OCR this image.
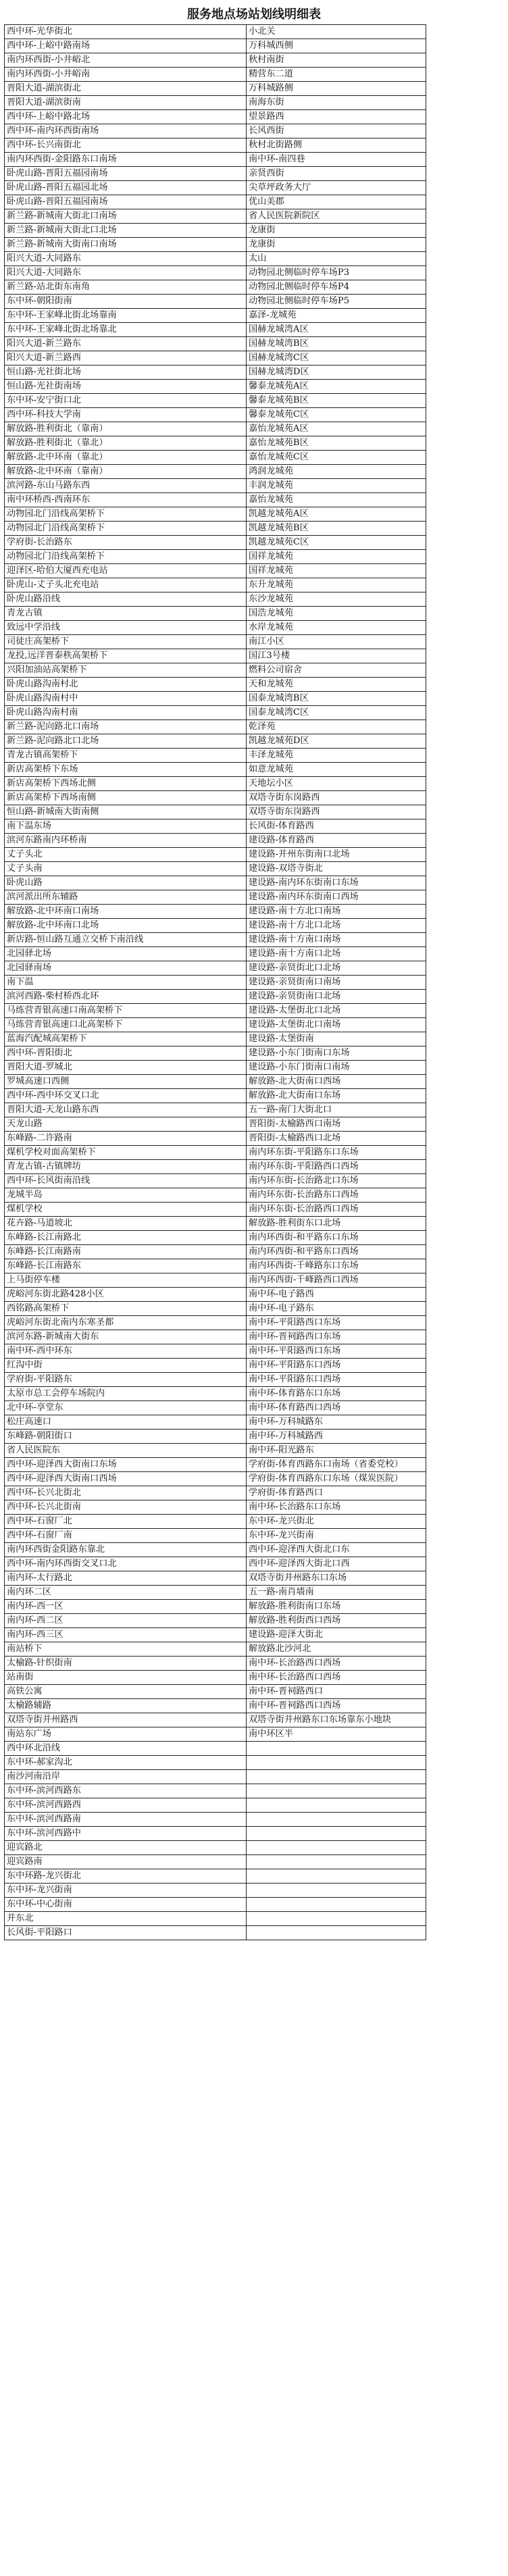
服务地点场站划线明细表
西中环-光华街北	小北关
西中环-上峪中路南场	万科城西侧
南内环西街-小井峪北	秋村南街
南内环西街-小井峪南	精营东二道
晋阳大道-湖滨街北	万科城路侧
晋阳大道-湖滨街南	南海东街
西中环-上峪中路北场	望景路西
西中环-南内环西街南场	长风西街
西中环-长兴南街北	秋村北街路侧
南内环西街-金阳路东口南场	南中环-南四巷
卧虎山路-晋阳五福园南场	亲贤西街
卧虎山路-晋阳五福园北场	尖草坪政务大厅
卧虎山路-晋阳五福园南场	优山美郡
新兰路-新城南大街北口南场	省人民医院新院区
新兰路-新城南大街北口北场	龙康街
新兰路-新城南大街南口南场	龙康街
阳兴大道-大同路东	太山
阳兴大道-大同路东	动物园北侧临时停车场P3
新兰路-站北街东南角	动物园北侧临时停车场P4
东中环-朝阳街南	动物园北侧临时停车场P5
东中环-王家峰北街北场靠南	嘉泽-龙城苑
东中环-王家峰北街北场靠北	国赫龙城湾A区
阳兴大道-新兰路东	国赫龙城湾B区
阳兴大道-新兰路西	国赫龙城湾C区
恒山路-光社街北场	国赫龙城湾D区
恒山路-光社街南场	馨泰龙城苑A区
东中环-安宁街口北	馨泰龙城苑B区
西中环-科技大学南	馨泰龙城苑C区
解放路-胜利街北（靠南）	嘉怡龙城苑A区
解放路-胜利街北（靠北）	嘉怡龙城苑B区
解放路-北中环南（靠北）	嘉怡龙城苑C区
解放路-北中环南（靠南）	鸿润龙城苑
滨河路-东山马路东西	丰润龙城苑
南中环桥西-西南环东	嘉怡龙城苑
动物园北门沿线高架桥下	凯越龙城苑A区
动物园北门沿线高架桥下	凯越龙城苑B区
学府街-长治路东	凯越龙城苑C区
动物园北门沿线高架桥下	国祥龙城苑
迎泽区-哈伯大厦西充电站	国祥龙城苑
卧虎山-丈子头北充电站	东升龙城苑
卧虎山路沿线	东沙龙城苑
青龙古镇	国浩龙城苑
致远中学沿线	水岸龙城苑
司徒庄高架桥下	南江小区
龙投,远洋晋泰秩高架桥下	国江3号楼
兴阳加油站高架桥下	燃料公司宿舍
卧虎山路沟南村北	天和龙城苑
卧虎山路沟南村中	国泰龙城湾B区
卧虎山路沟南村南	国泰龙城湾C区
新兰路-泥向路北口南场	乾泽苑
新兰路-泥向路北口北场	凯越龙城苑D区
青龙古镇高架桥下	丰泽龙城苑
新店高架桥下东场	如意龙城苑
新店高架桥下西场北侧	天地坛小区
新店高架桥下西场南侧	双塔寺街东岗路西
恒山路-新城南大街南侧	双塔寺街东岗路西
南下温东场	长风街-体育路西
滨河东路南内环桥南	建设路-体育路西
丈子头北	建设路-并州东街南口北场
丈子头南	建设路-双塔寺街北
卧虎山路	建设路-南内环东街南口东场
滨河派出所东辅路	建设路-南内环东街南口西场
解放路-北中环南口南场	建设路-南十方北口南场
解放路-北中环南口北场	建设路-南十方北口北场
新店路-恒山路互通立交桥下南沿线	建设路-南十方南口南场
北园驿北场	建设路-南十方南口北场
北园驿南场	建设路-亲贤街北口北场
南下温	建设路-亲贤街南口南场
滨河西路-柴村桥西北环	建设路-亲贤街南口北场
马练营青银高速口南高架桥下	建设路-太堡街北口北场
马练营青银高速口北高架桥下	建设路-太堡街北口南场
蓝海汽配城高架桥下	建设路-太堡街南
西中环-晋阳街北	建设路-小东门街南口东场
晋阳大道-罗城北	建设路-小东门街南口南场
罗城高速口西侧	解放路-北大街南口西场
西中环-西中环交叉口北	解放路-北大街南口东场
晋阳大道-天龙山路东西	五一路-南门大街北口
天龙山路	晋阳街-太榆路西口南场
东峰路-二许路南	晋阳街-太榆路西口北场
煤机学校对面高架桥下	南内环东街-平阳路东口东场
青龙古镇-古镇牌坊	南内环东街-平阳路西口西场
西中环-长风街南沿线	南内环东街-长治路北口东场
龙城半岛	南内环东街-长治路东口西场
煤机学校	南内环东街-长治路西口西场
花卉路-马道坡北	解放路-胜利街东口北场
东峰路-长江南路北	南内环西街-和平路东口东场
东峰路-长江南路南	南内环西街-和平路东口西场
东峰路-长江南路东	南内环西街-千峰路东口东场
上马街停车楼	南内环西街-千峰路西口西场
虎峪河东街北路428小区	南中环-电子路西
西铭路高架桥下	南中环-电子路东
虎峪河东街北南内东寒圣都	南中环-平阳路西口东场
滨河东路-新城南大街东	南中环-晋祠路西口东场
南中环-西中环东	南中环-平阳路西口东场
红沟中街	南中环-平阳路东口西场
学府街-平阳路东	南中环-平阳路东口西场
太原市总工会停车场院内	南中环-体育路东口东场
北中环-享堂东	南中环-体育路西口西场
松庄高速口	南中环-万科城路东
东峰路-朝阳街口	南中环-万科城路西
省人民医院东	南中环-阳光路东
西中环-迎泽西大街南口东场	学府街-体育西路东口南场（省委党校）
西中环-迎泽西大街南口西场	学府街-体育西路东口东场（煤炭医院）
西中环-长兴北街北	学府街-体育路西口
西中环-长兴北街南	南中环-长治路东口东场
西中环-石窗厂北	东中环-龙兴街北
西中环-石窗厂南	东中环-龙兴街南
南内环西街金阳路东靠北	西中环-迎泽西大街北口东
西中环-南内环西街交叉口北	西中环-迎泽西大街北口西
南内环-太行路北	双塔寺街并州路东口东场
南内环二区	五一路-南肖墙南
南内环-西一区	解放路-胜利街南口东场
南内环-西二区	解放路-胜利街西口西场
南内环-西三区	建设路-迎泽大街北
南站桥下	解放路北沙河北
太榆路-针织街南	南中环-长治路西口西场
站南街	南中环-长治路西口西场
高铁公寓	南中环-晋祠路西口
太榆路辅路	南中环-晋祠路西口西场
双塔寺街并州路西	双塔寺街并州路东口东场靠东小地块
南站东广场	南中环区半
西中环北沿线	
东中环-郝家沟北	
南沙河南沿岸	
东中环-滨河西路东	
东中环-滨河西路西	
东中环-滨河西路南	
东中环-滨河西路中	
迎宾路北	
迎宾路南	
东中环路-龙兴街北	
东中环-龙兴街南	
东中环-中心街南	
并东北	
长风街-平阳路口	
